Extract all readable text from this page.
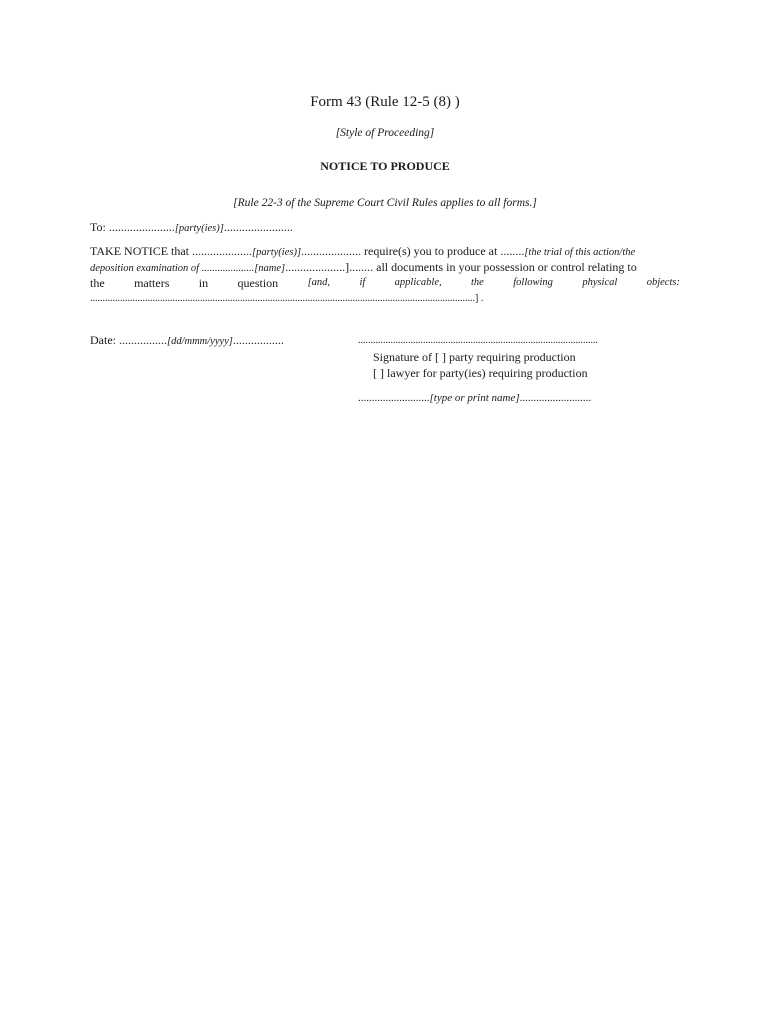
Form 43 (Rule 12-5 (8) )
[Style of Proceeding]
NOTICE TO PRODUCE
[Rule 22-3 of the Supreme Court Civil Rules applies to all forms.]
To: ......................[party(ies)].......................
TAKE NOTICE that ....................[party(ies)].................... require(s) you to produce at ........[the trial of this action/the
deposition examination of ....................[name]....................]........ all documents in your possession or control relating to
the matters in question	[and,	if	applicable,	the	following	physical	objects:
..........................................................................................................................................................] .
Date: ................[dd/mmm/yyyy].................	................................................................................................
Signature of [ ] party requiring production
[ ] lawyer for party(ies) requiring production
..........................[type or print name]..........................
